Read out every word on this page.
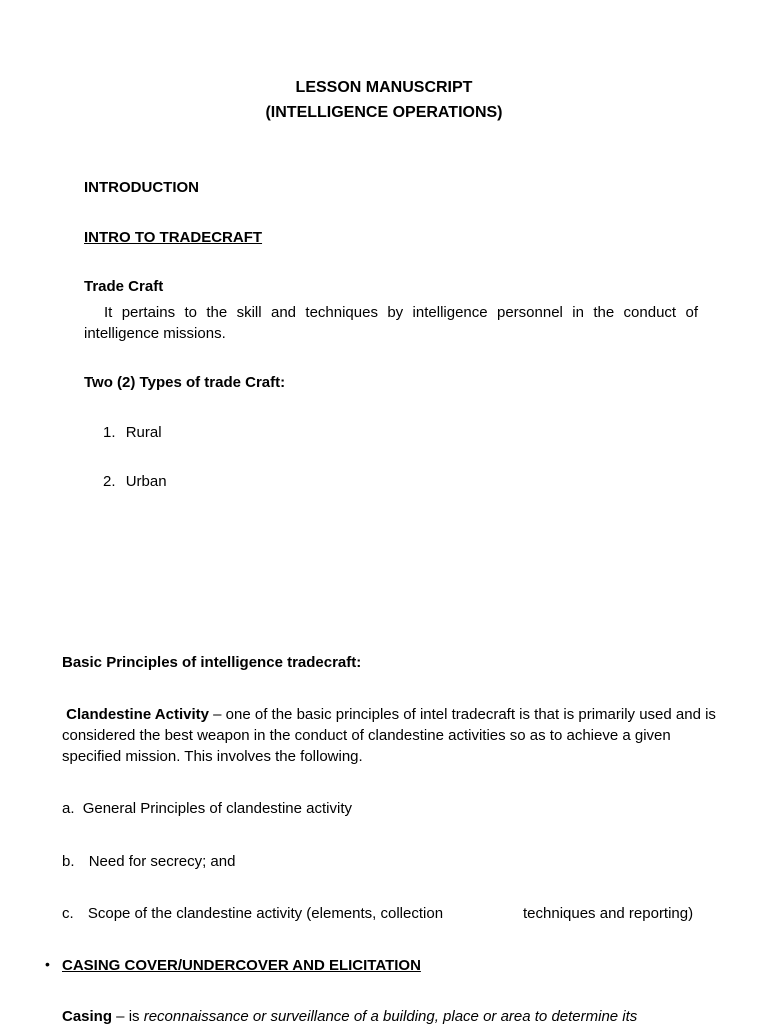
LESSON MANUSCRIPT
(INTELLIGENCE OPERATIONS)
INTRODUCTION
INTRO TO TRADECRAFT
Trade Craft
It pertains to the skill and techniques by intelligence personnel in the conduct of intelligence missions.
Two (2) Types of trade Craft:
1. Rural
2. Urban
Basic Principles of intelligence tradecraft:
Clandestine Activity – one of the basic principles of intel tradecraft is that is primarily used and is considered the best weapon in the conduct of clandestine activities so as to achieve a given specified mission. This involves the following.
a. General Principles of clandestine activity
b. Need for secrecy; and
c. Scope of the clandestine activity (elements, collection	techniques and reporting)
• CASING COVER/UNDERCOVER AND ELICITATION
Casing – is reconnaissance or surveillance of a building, place or area to determine its
